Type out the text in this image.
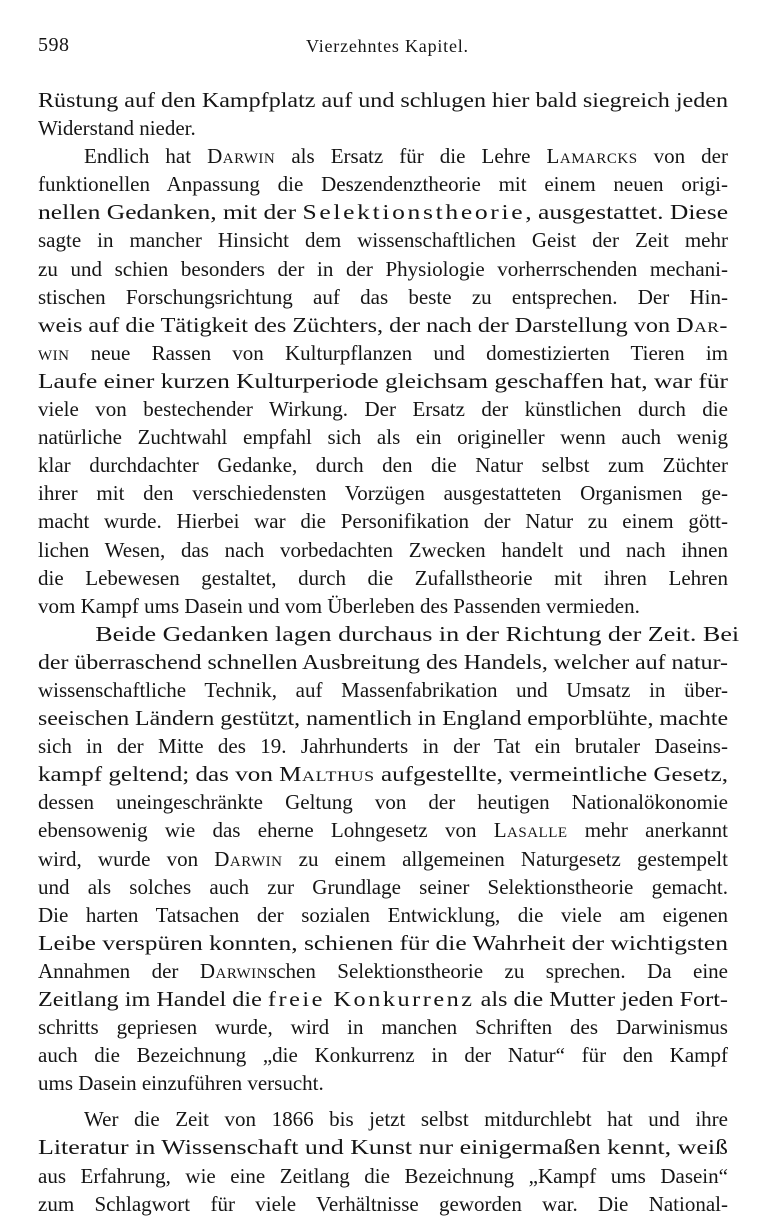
598	Vierzehntes Kapitel.
Rüstung auf den Kampfplatz auf und schlugen hier bald siegreich jeden
Widerstand nieder.
Endlich hat Darwin als Ersatz für die Lehre Lamarcks von der
funktionellen Anpassung die Deszendenztheorie mit einem neuen origi-
nellen Gedanken, mit der Selektionstheorie, ausgestattet. Diese
sagte in mancher Hinsicht dem wissenschaftlichen Geist der Zeit mehr
zu und schien besonders der in der Physiologie vorherrschenden mechani-
stischen Forschungsrichtung auf das beste zu entsprechen. Der Hin-
weis auf die Tätigkeit des Züchters, der nach der Darstellung von Dar-
win neue Rassen von Kulturpflanzen und domestizierten Tieren im
Laufe einer kurzen Kulturperiode gleichsam geschaffen hat, war für
viele von bestechender Wirkung. Der Ersatz der künstlichen durch die
natürliche Zuchtwahl empfahl sich als ein origineller wenn auch wenig
klar durchdachter Gedanke, durch den die Natur selbst zum Züchter
ihrer mit den verschiedensten Vorzügen ausgestatteten Organismen ge-
macht wurde. Hierbei war die Personifikation der Natur zu einem gött-
lichen Wesen, das nach vorbedachten Zwecken handelt und nach ihnen
die Lebewesen gestaltet, durch die Zufallstheorie mit ihren Lehren
vom Kampf ums Dasein und vom Überleben des Passenden vermieden.
Beide Gedanken lagen durchaus in der Richtung der Zeit. Bei
der überraschend schnellen Ausbreitung des Handels, welcher auf natur-
wissenschaftliche Technik, auf Massenfabrikation und Umsatz in über-
seeischen Ländern gestützt, namentlich in England emporblühte, machte
sich in der Mitte des 19. Jahrhunderts in der Tat ein brutaler Daseins-
kampf geltend; das von Malthus aufgestellte, vermeintliche Gesetz,
dessen uneingeschränkte Geltung von der heutigen Nationalökonomie
ebensowenig wie das eherne Lohngesetz von Lasalle mehr anerkannt
wird, wurde von Darwin zu einem allgemeinen Naturgesetz gestempelt
und als solches auch zur Grundlage seiner Selektionstheorie gemacht.
Die harten Tatsachen der sozialen Entwicklung, die viele am eigenen
Leibe verspüren konnten, schienen für die Wahrheit der wichtigsten
Annahmen der Darwinschen Selektionstheorie zu sprechen. Da eine
Zeitlang im Handel die freie Konkurrenz als die Mutter jeden Fort-
schritts gepriesen wurde, wird in manchen Schriften des Darwinismus
auch die Bezeichnung „die Konkurrenz in der Natur“ für den Kampf
ums Dasein einzuführen versucht.
Wer die Zeit von 1866 bis jetzt selbst mitdurchlebt hat und ihre
Literatur in Wissenschaft und Kunst nur einigermaßen kennt, weiß
aus Erfahrung, wie eine Zeitlang die Bezeichnung „Kampf ums Dasein“
zum Schlagwort für viele Verhältnisse geworden war. Die National-
